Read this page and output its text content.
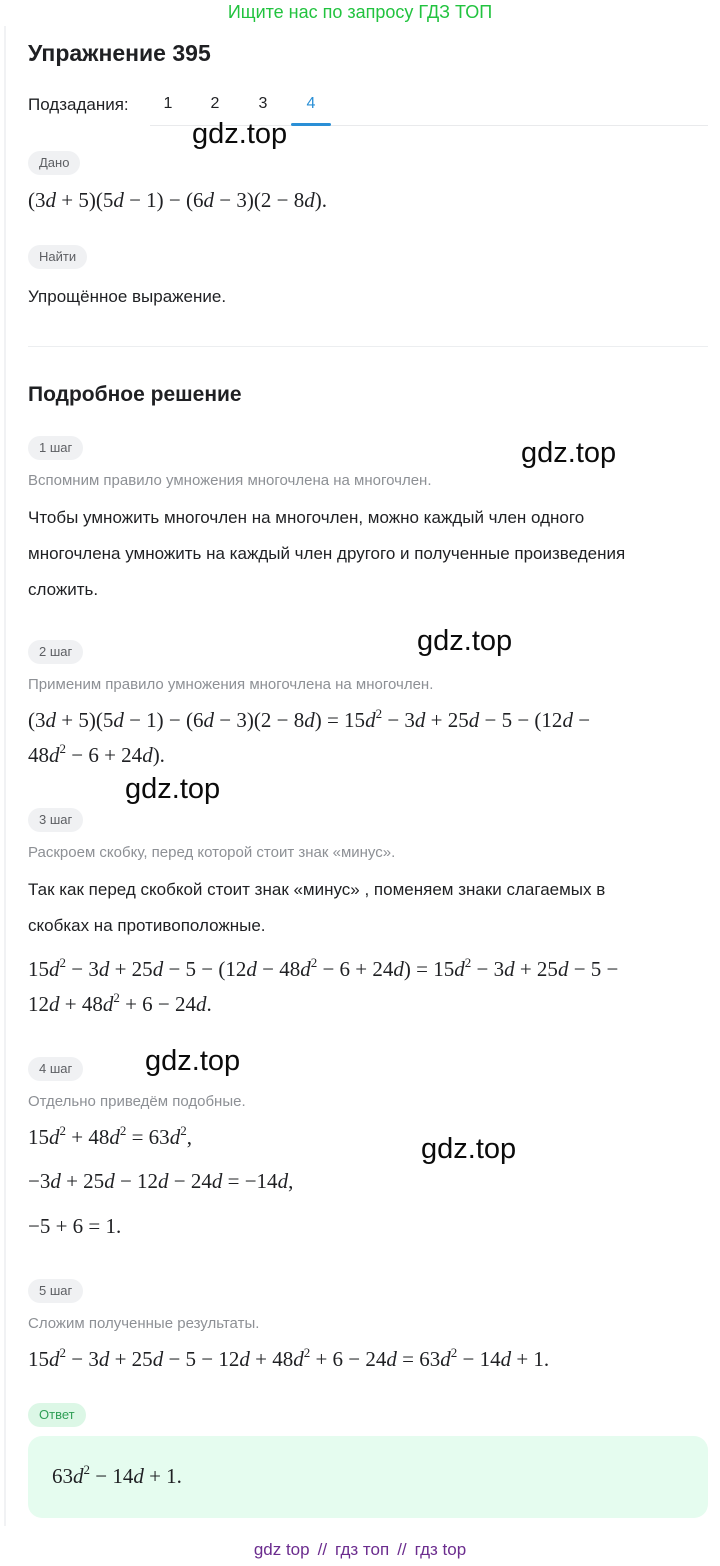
Ищите нас по запросу ГДЗ ТОП
Упражнение 395
Подзадания:	1	2	3	4
Дано
(3d + 5)(5d − 1) − (6d − 3)(2 − 8d).
Найти
Упрощённое выражение.
Подробное решение
1 шаг
Вспомним правило умножения многочлена на многочлен.
Чтобы умножить многочлен на многочлен, можно каждый член одного
многочлена умножить на каждый член другого и полученные произведения
сложить.
2 шаг
Применим правило умножения многочлена на многочлен.
$(3d + 5)(5d - 1) - (6d - 3)(2 - 8d) = 15d^2 - 3d + 25d - 5 - (12d$ −
$48d^2 - 6 + 24d$).
3 шаг
Раскроем скобку, перед которой стоит знак «минус».
Так как перед скобкой стоит знак «минус» , поменяем знаки слагаемых в
скобках на противоположные.
$15d^2 - 3d + 25d - 5 - (12d - 48d^2 - 6 + 24d) = 15d^2 - 3d + 25d - 5$ −
$12d + 48d^2 + 6 - 24d$.
4 шаг
Отдельно приведём подобные.
$15d^2 + 48d^2 = 63d^2$,
−3d + 25d − 12d − 24d = −14d,
−5 + 6 = 1.
5 шаг
Сложим полученные результаты.
$15d^2 - 3d + 25d - 5 - 12d + 48d^2 + 6 - 24d = 63d^2 - 14d + 1$.
Ответ
$63d^2 - 14d + 1$.
gdz.top
gdz.top
gdz.top
gdz.top
gdz.top
gdz.top
gdz top // гдз топ // гдз top
